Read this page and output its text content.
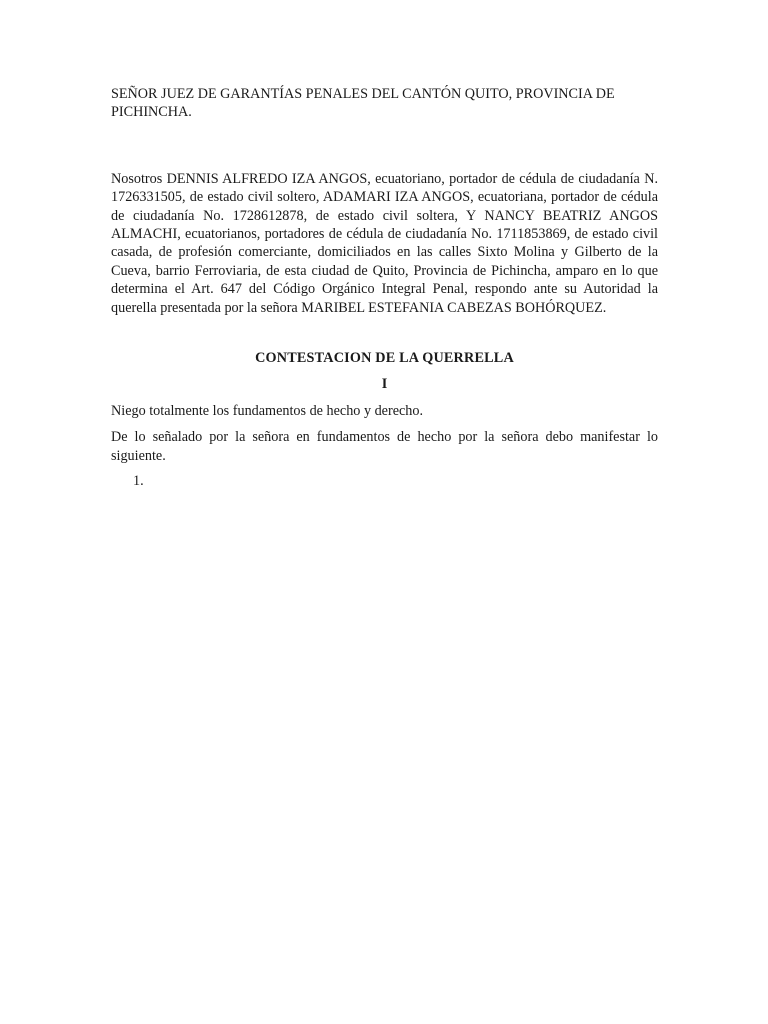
SEÑOR JUEZ DE GARANTÍAS PENALES DEL CANTÓN QUITO, PROVINCIA DE PICHINCHA.

Nosotros DENNIS ALFREDO IZA ANGOS, ecuatoriano, portador de cédula de ciudadanía N. 1726331505, de estado civil soltero, ADAMARI IZA ANGOS, ecuatoriana, portador de cédula de ciudadanía No. 1728612878, de estado civil soltera, Y NANCY BEATRIZ ANGOS ALMACHI, ecuatorianos, portadores de cédula de ciudadanía No. 1711853869, de estado civil casada, de profesión comerciante, domiciliados en las calles Sixto Molina y Gilberto de la Cueva, barrio Ferroviaria, de esta ciudad de Quito, Provincia de Pichincha, amparo en lo que determina el Art. 647 del Código Orgánico Integral Penal, respondo ante su Autoridad la querella presentada por la señora MARIBEL ESTEFANIA CABEZAS BOHÓRQUEZ.

CONTESTACION DE LA QUERRELLA

I

Niego totalmente los fundamentos de hecho y derecho.

De lo señalado por la señora en fundamentos de hecho por la señora debo manifestar lo siguiente.

1.
